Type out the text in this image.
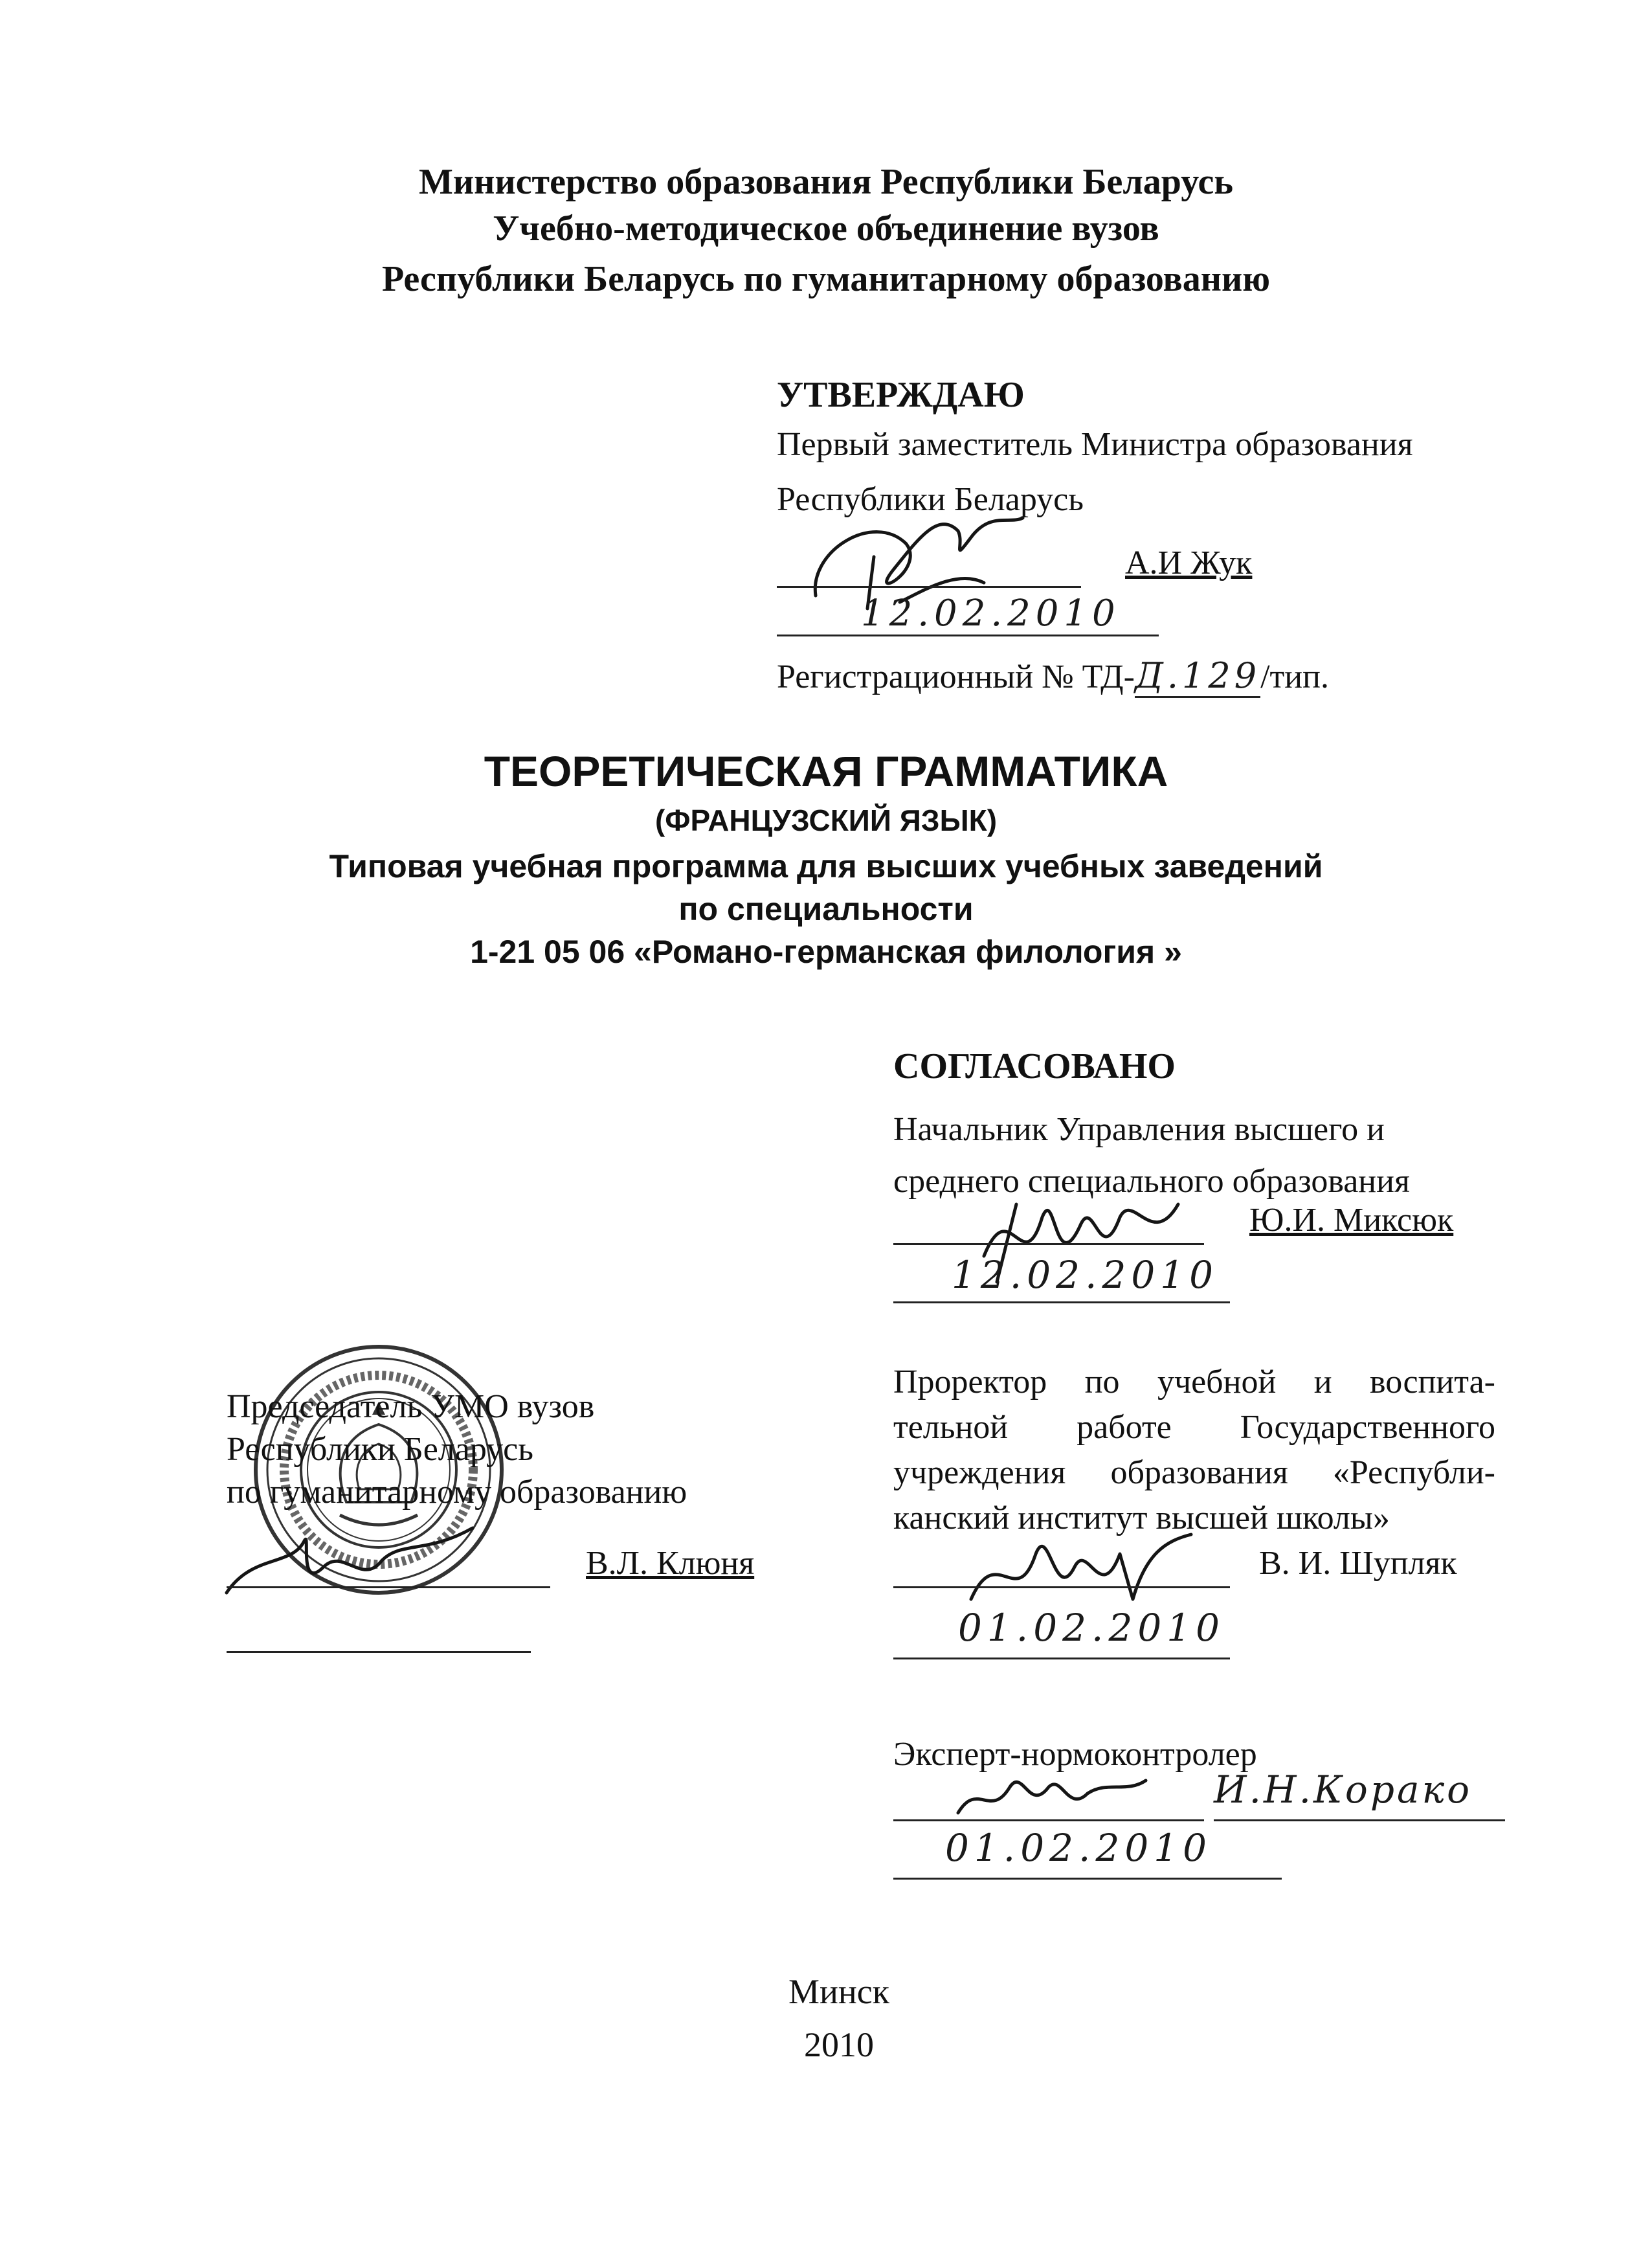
Министерство образования Республики Беларусь
Учебно-методическое объединение вузов
Республики Беларусь по гуманитарному образованию
УТВЕРЖДАЮ
Первый заместитель Министра образования
Республики Беларусь
А.И Жук
12.02.2010
Регистрационный № ТД-Д.129/тип.
ТЕОРЕТИЧЕСКАЯ ГРАММАТИКА
(ФРАНЦУЗСКИЙ ЯЗЫК)
Типовая учебная программа для высших учебных заведений
по специальности
1-21 05 06 «Романо-германская филология »
СОГЛАСОВАНО
Начальник Управления высшего и
среднего специального образования
Ю.И. Миксюк
12.02.2010
Председатель УМО вузов
Республики Беларусь
по гуманитарному образованию
В.Л. Клюня
Проректор по учебной и воспита-
тельной работе Государственного
учреждения образования «Республи-
канский институт высшей школы»
В. И. Шупляк
01.02.2010
Эксперт-нормоконтролер
И.Н.Корако
01.02.2010
Минск
2010
